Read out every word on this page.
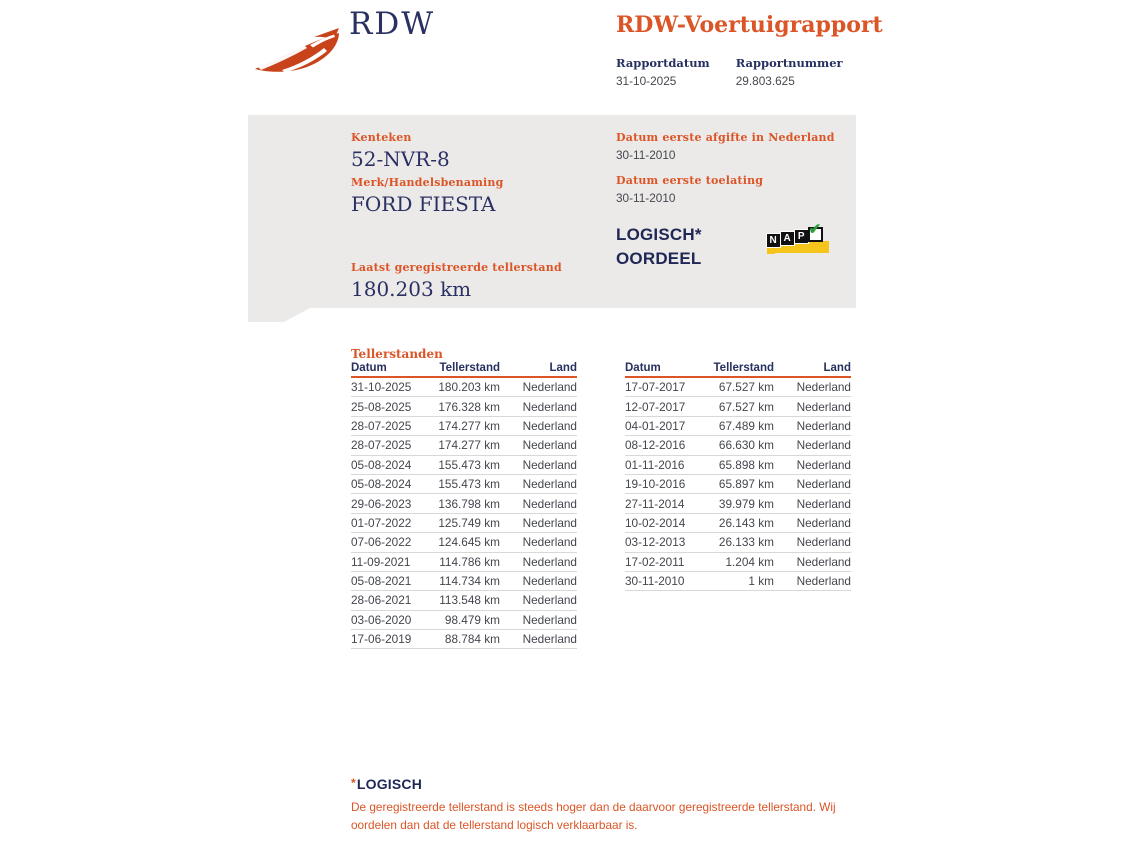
RDW	RDW-Voertuigrapport
Rapportdatum
31-10-2025
Rapportnummer
29.803.625
Kenteken
52-NVR-8
Merk/Handelsbenaming
FORD FIESTA
Laatst geregistreerde tellerstand
180.203 km
Datum eerste afgifte in Nederland
30-11-2010
Datum eerste toelating
30-11-2010
LOGISCH*
OORDEEL
N A P ✔
Tellerstanden
Datum	Tellerstand	Land
31-10-2025	180.203 km	Nederland
25-08-2025	176.328 km	Nederland
28-07-2025	174.277 km	Nederland
28-07-2025	174.277 km	Nederland
05-08-2024	155.473 km	Nederland
05-08-2024	155.473 km	Nederland
29-06-2023	136.798 km	Nederland
01-07-2022	125.749 km	Nederland
07-06-2022	124.645 km	Nederland
11-09-2021	114.786 km	Nederland
05-08-2021	114.734 km	Nederland
28-06-2021	113.548 km	Nederland
03-06-2020	98.479 km	Nederland
17-06-2019	88.784 km	Nederland
Datum	Tellerstand	Land
17-07-2017	67.527 km	Nederland
12-07-2017	67.527 km	Nederland
04-01-2017	67.489 km	Nederland
08-12-2016	66.630 km	Nederland
01-11-2016	65.898 km	Nederland
19-10-2016	65.897 km	Nederland
27-11-2014	39.979 km	Nederland
10-02-2014	26.143 km	Nederland
03-12-2013	26.133 km	Nederland
17-02-2011	1.204 km	Nederland
30-11-2010	1 km	Nederland
*LOGISCH
De geregistreerde tellerstand is steeds hoger dan de daarvoor geregistreerde tellerstand. Wij oordelen dan dat de tellerstand logisch verklaarbaar is.
